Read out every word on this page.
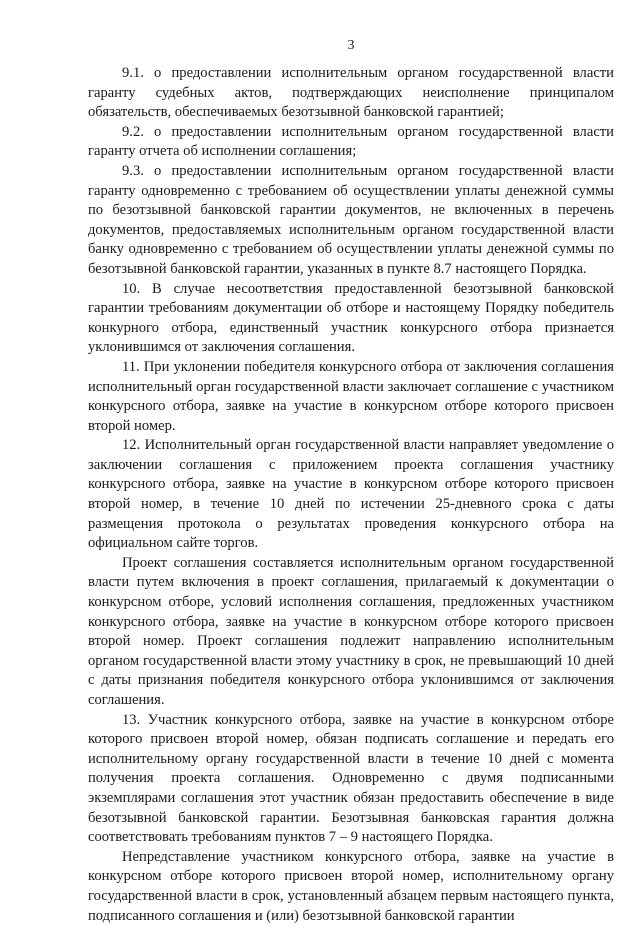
3

9.1. о предоставлении исполнительным органом государственной власти гаранту судебных актов, подтверждающих неисполнение принципалом обязательств, обеспечиваемых безотзывной банковской гарантией;

9.2. о предоставлении исполнительным органом государственной власти гаранту отчета об исполнении соглашения;

9.3. о предоставлении исполнительным органом государственной власти гаранту одновременно с требованием об осуществлении уплаты денежной суммы по безотзывной банковской гарантии документов, не включенных в перечень документов, предоставляемых исполнительным органом государственной власти банку одновременно с требованием об осуществлении уплаты денежной суммы по безотзывной банковской гарантии, указанных в пункте 8.7 настоящего Порядка.

10. В случае несоответствия предоставленной безотзывной банковской гарантии требованиям документации об отборе и настоящему Порядку победитель конкурного отбора, единственный участник конкурсного отбора признается уклонившимся от заключения соглашения.

11. При уклонении победителя конкурсного отбора от заключения соглашения исполнительный орган государственной власти заключает соглашение с участником конкурсного отбора, заявке на участие в конкурсном отборе которого присвоен второй номер.

12. Исполнительный орган государственной власти направляет уведомление о заключении соглашения с приложением проекта соглашения участнику конкурсного отбора, заявке на участие в конкурсном отборе которого присвоен второй номер, в течение 10 дней по истечении 25-дневного срока с даты размещения протокола о результатах проведения конкурсного отбора на официальном сайте торгов.

Проект соглашения составляется исполнительным органом государственной власти путем включения в проект соглашения, прилагаемый к документации о конкурсном отборе, условий исполнения соглашения, предложенных участником конкурсного отбора, заявке на участие в конкурсном отборе которого присвоен второй номер. Проект соглашения подлежит направлению исполнительным органом государственной власти этому участнику в срок, не превышающий 10 дней с даты признания победителя конкурсного отбора уклонившимся от заключения соглашения.

13. Участник конкурсного отбора, заявке на участие в конкурсном отборе которого присвоен второй номер, обязан подписать соглашение и передать его исполнительному органу государственной власти в течение 10 дней с момента получения проекта соглашения. Одновременно с двумя подписанными экземплярами соглашения этот участник обязан предоставить обеспечение в виде безотзывной банковской гарантии. Безотзывная банковская гарантия должна соответствовать требованиям пунктов 7 – 9 настоящего Порядка.

Непредставление участником конкурсного отбора, заявке на участие в конкурсном отборе которого присвоен второй номер, исполнительному органу государственной власти в срок, установленный абзацем первым настоящего пункта, подписанного соглашения и (или) безотзывной банковской гарантии
